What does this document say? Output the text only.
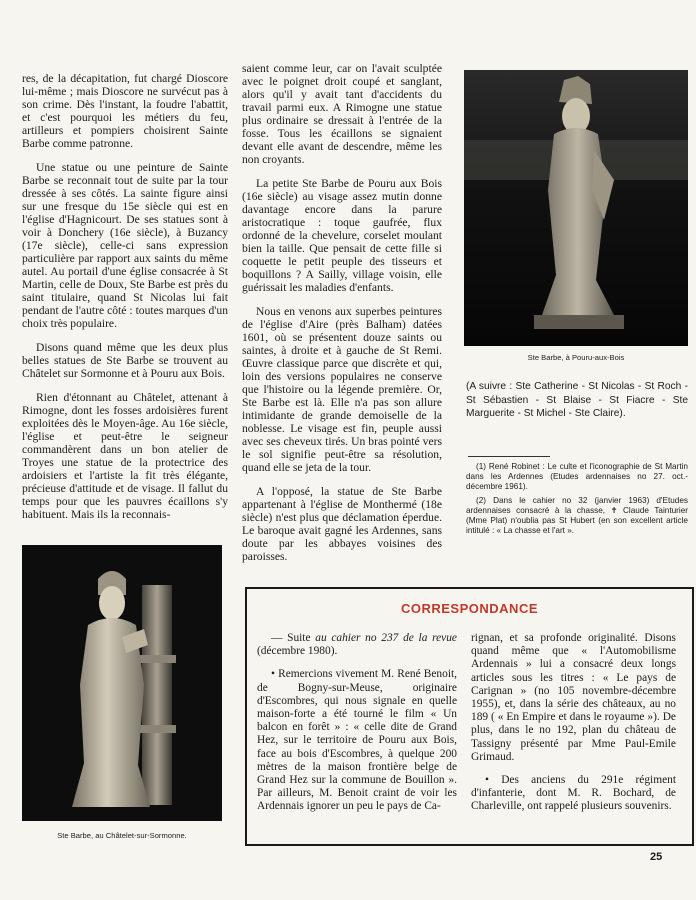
res, de la décapitation, fut chargé Dioscore lui-même ; mais Dioscore ne survécut pas à son crime. Dès l'instant, la foudre l'abattit, et c'est pourquoi les métiers du feu, artilleurs et pompiers choisirent Sainte Barbe comme patronne.

Une statue ou une peinture de Sainte Barbe se reconnait tout de suite par la tour dressée à ses côtés. La sainte figure ainsi sur une fresque du 15e siècle qui est en l'église d'Hagnicourt. De ses statues sont à voir à Donchery (16e siècle), à Buzancy (17e siècle), celle-ci sans expression particulière par rapport aux saints du même autel. Au portail d'une église consacrée à St Martin, celle de Doux, Ste Barbe est près du saint titulaire, quand St Nicolas lui fait pendant de l'autre côté : toutes marques d'un choix très populaire.

Disons quand même que les deux plus belles statues de Ste Barbe se trouvent au Châtelet sur Sormonne et à Pouru aux Bois.

Rien d'étonnant au Châtelet, attenant à Rimogne, dont les fosses ardoisières furent exploitées dès le Moyen-âge. Au 16e siècle, l'église et peut-être le seigneur commandèrent dans un bon atelier de Troyes une statue de la protectrice des ardoisiers et l'artiste la fit très élégante, précieuse d'attitude et de visage. Il fallut du temps pour que les pauvres écaillons s'y habituent. Mais ils la reconnais-

saient comme leur, car on l'avait sculptée avec le poignet droit coupé et sanglant, alors qu'il y avait tant d'accidents du travail parmi eux. A Rimogne une statue plus ordinaire se dressait à l'entrée de la fosse. Tous les écaillons se signaient devant elle avant de descendre, même les non croyants.

La petite Ste Barbe de Pouru aux Bois (16e siècle) au visage assez mutin donne davantage encore dans la parure aristocratique : toque gaufrée, flux ordonné de la chevelure, corselet moulant bien la taille. Que pensait de cette fille si coquette le petit peuple des tisseurs et boquillons ? A Sailly, village voisin, elle guérissait les maladies d'enfants.

Nous en venons aux superbes peintures de l'église d'Aire (près Balham) datées 1601, où se présentent douze saints ou saintes, à droite et à gauche de St Remi. Œuvre classique parce que discrète et qui, loin des versions populaires ne conserve que l'histoire ou la légende première. Or, Ste Barbe est là. Elle n'a pas son allure intimidante de grande demoiselle de la noblesse. Le visage est fin, peuple aussi avec ses cheveux tirés. Un bras pointé vers le sol signifie peut-être sa résolution, quand elle se jeta de la tour.

A l'opposé, la statue de Ste Barbe appartenant à l'église de Monthermé (18e siècle) n'est plus que déclamation éperdue. Le baroque avait gagné les Ardennes, sans doute par les abbayes voisines des paroisses.

Ste Barbe, à Pouru-aux-Bois
(A suivre : Ste Catherine - St Nicolas - St Roch - St Sébastien - St Blaise - St Fiacre - Ste Marguerite - St Michel - Ste Claire).

(1) René Robinet : Le culte et l'iconographie de St Martin dans les Ardennes (Etudes ardennaises no 27. oct.-décembre 1961).

(2) Dans le cahier no 32 (janvier 1963) d'Etudes ardennaises consacré à la chasse, ✝ Claude Tainturier (Mme Plat) n'oublia pas St Hubert (en son excellent article intitulé : « La chasse et l'art ».

Ste Barbe, au Châtelet-sur-Sormonne.
CORRESPONDANCE

— Suite au cahier no 237 de la revue (décembre 1980).

• Remercions vivement M. René Benoit, de Bogny-sur-Meuse, originaire d'Escombres, qui nous signale en quelle maison-forte a été tourné le film « Un balcon en forêt » : « celle dite de Grand Hez, sur le territoire de Pouru aux Bois, face au bois d'Escombres, à quelque 200 mètres de la maison frontière belge de Grand Hez sur la commune de Bouillon ». Par ailleurs, M. Benoit craint de voir les Ardennais ignorer un peu le pays de Ca-

rignan, et sa profonde originalité. Disons quand même que « l'Automobilisme Ardennais » lui a consacré deux longs articles sous les titres : « Le pays de Carignan » (no 105 novembre-décembre 1955), et, dans la série des châteaux, au no 189 ( « En Empire et dans le royaume »). De plus, dans le no 192, plan du château de Tassigny présenté par Mme Paul-Emile Grimaud.

• Des anciens du 291e régiment d'infanterie, dont M. R. Bochard, de Charleville, ont rappelé plusieurs souvenirs.

25
